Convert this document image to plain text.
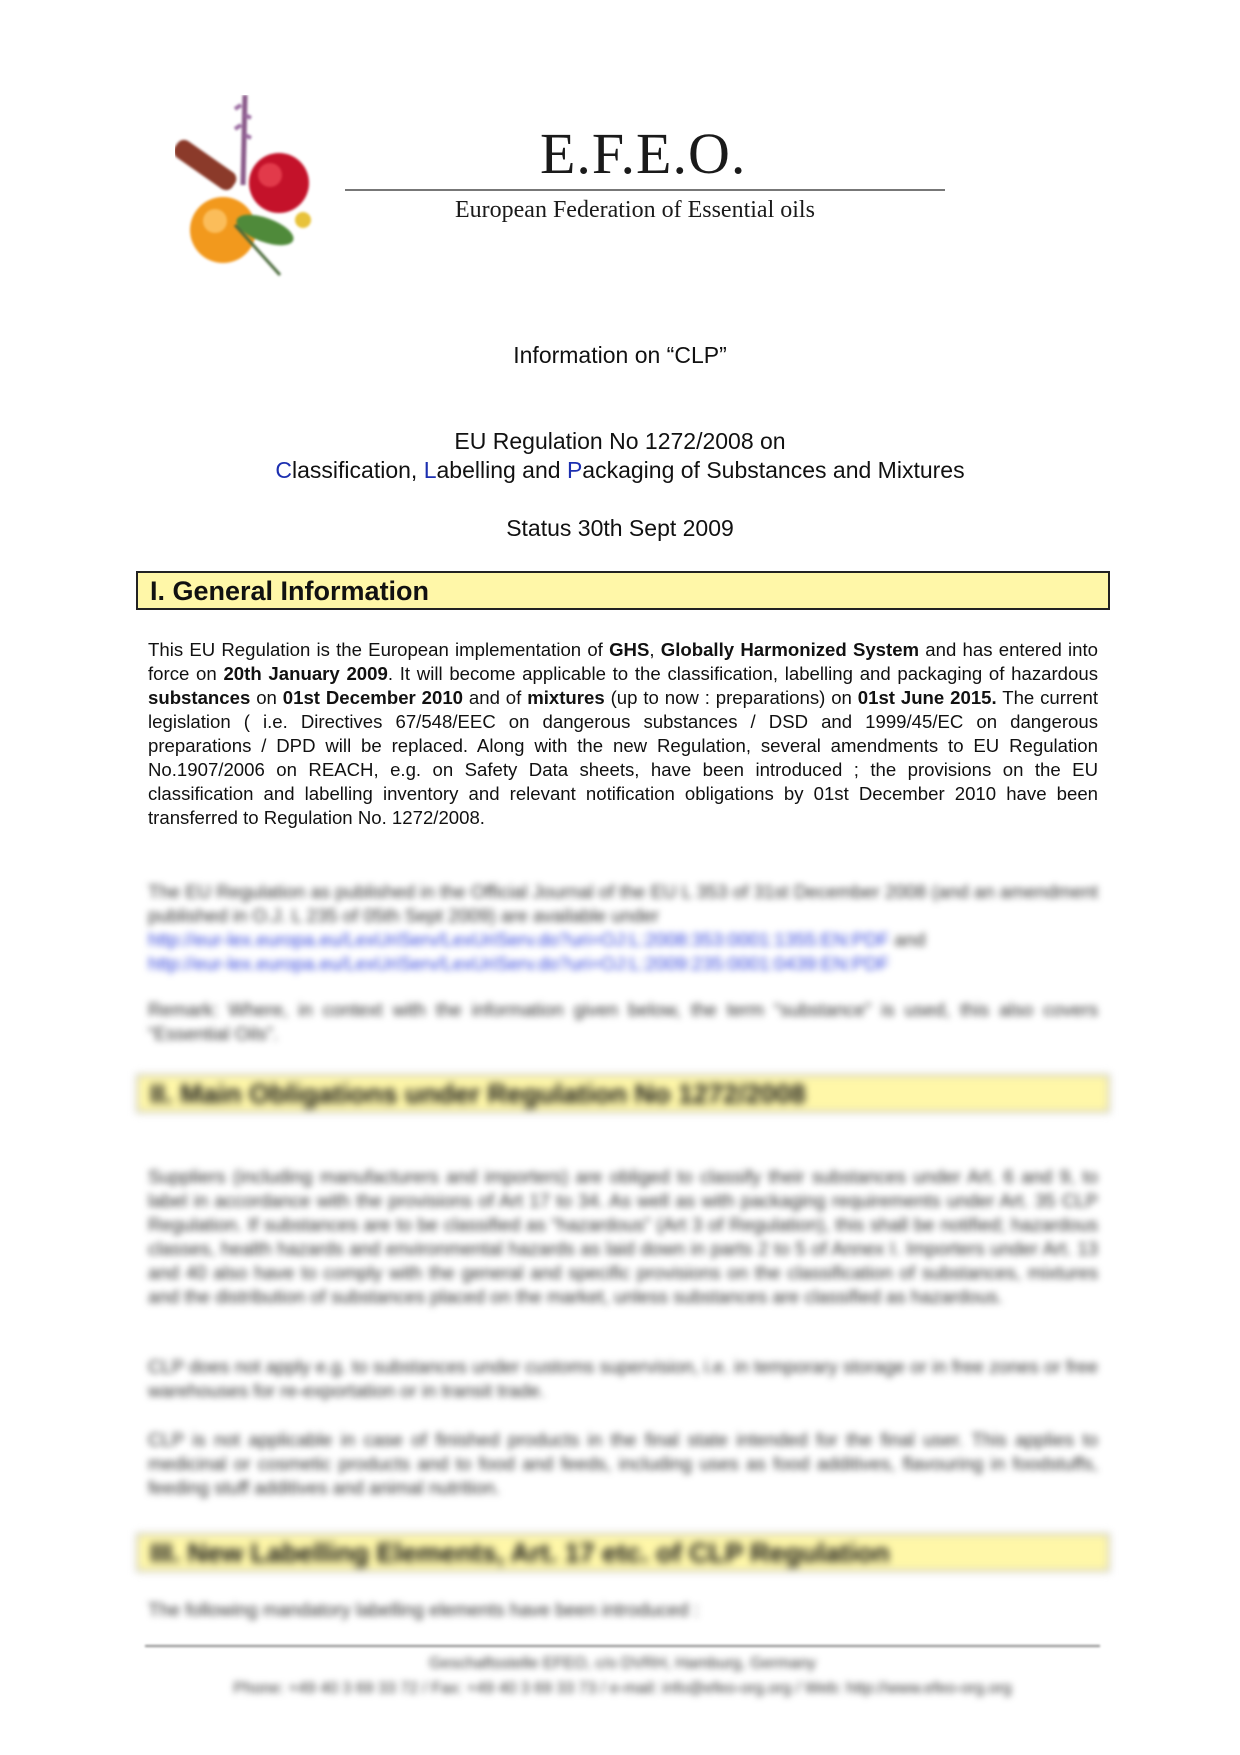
E.F.E.O.
European Federation of Essential oils
Information on “CLP”
EU Regulation No 1272/2008 on
Classification, Labelling and Packaging of Substances and Mixtures
Status 30th Sept 2009
I. General Information
This EU Regulation is the European implementation of GHS, Globally Harmonized System and has entered into force on 20th January 2009. It will become applicable to the classification, labelling and packaging of hazardous substances on 01st December 2010 and of mixtures (up to now : preparations) on 01st June 2015. The current legislation ( i.e. Directives 67/548/EEC on dangerous substances / DSD and 1999/45/EC on dangerous preparations / DPD will be replaced. Along with the new Regulation, several amendments to EU Regulation No.1907/2006 on REACH, e.g. on Safety Data sheets, have been introduced ; the provisions on the EU classification and labelling inventory and relevant notification obligations by 01st December 2010 have been transferred to Regulation No. 1272/2008.
The EU Regulation as published in the Official Journal of the EU L 353 of 31st December 2008 (and an amendment published in O.J. L 235 of 05th Sept 2009) are available under
http://eur-lex.europa.eu/LexUriServ/LexUriServ.do?uri=OJ:L:2008:353:0001:1355:EN:PDF and
http://eur-lex.europa.eu/LexUriServ/LexUriServ.do?uri=OJ:L:2009:235:0001:0439:EN:PDF
Remark: Where, in context with the information given below, the term “substance” is used, this also covers “Essential Oils”.
II. Main Obligations under Regulation No 1272/2008
Suppliers (including manufacturers and importers) are obliged to classify their substances under Art. 6 and 9, to label in accordance with the provisions of Art 17 to 34. As well as with packaging requirements under Art. 35 CLP Regulation. If substances are to be classified as “hazardous” (Art 3 of Regulation), this shall be notified; hazardous classes, health hazards and environmental hazards as laid down in parts 2 to 5 of Annex I. Importers under Art. 13 and 40 also have to comply with the general and specific provisions on the classification of substances, mixtures and the distribution of substances placed on the market, unless substances are classified as hazardous.
CLP does not apply e.g. to substances under customs supervision, i.e. in temporary storage or in free zones or free warehouses for re-exportation or in transit trade.
CLP is not applicable in case of finished products in the final state intended for the final user. This applies to medicinal or cosmetic products and to food and feeds, including uses as food additives, flavouring in foodstuffs, feeding stuff additives and animal nutrition.
III. New Labelling Elements, Art. 17 etc. of CLP Regulation
The following mandatory labelling elements have been introduced :
Geschaftsstelle EFEO, c/o DVRH, Hamburg, Germany
Phone: +49 40 3 69 33 72 / Fax: +49 40 3 69 33 73 / e-mail: info@efeo-org.org / Web: http://www.efeo-org.org
